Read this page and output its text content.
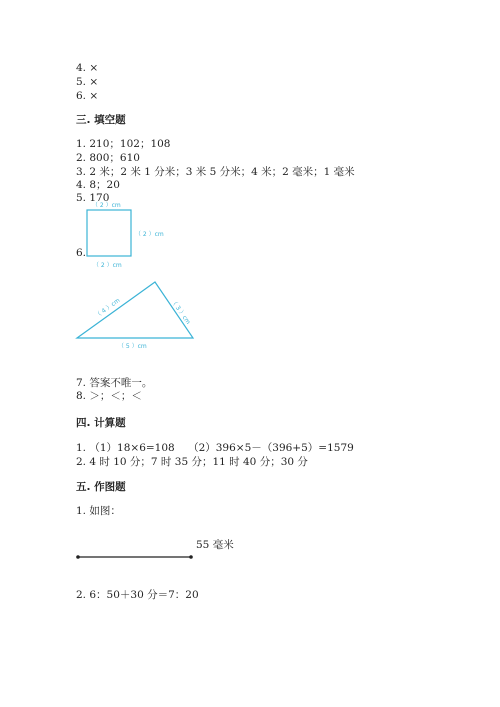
4. ×
5. ×
6. ×
三. 填空题
1. 210；102；108
2. 800；610
3. 2 米；2 米 1 分米；3 米 5 分米；4 米；2 毫米；1 毫米
4. 8；20
5. 170
6.
（ 2 ）cm
（ 2 ）cm
（ 2 ）cm
（ 4 ）cm	（ 3 ）cm
（ 5 ）cm
7. 答案不唯一。
8. ＞；＜；＜
四. 计算题
1. （1）18×6=108    （2）396×5－（396+5）=1579
2. 4 时 10 分；7 时 35 分；11 时 40 分；30 分
五. 作图题
1. 如图：
55 毫米
2. 6：50＋30 分＝7：20
